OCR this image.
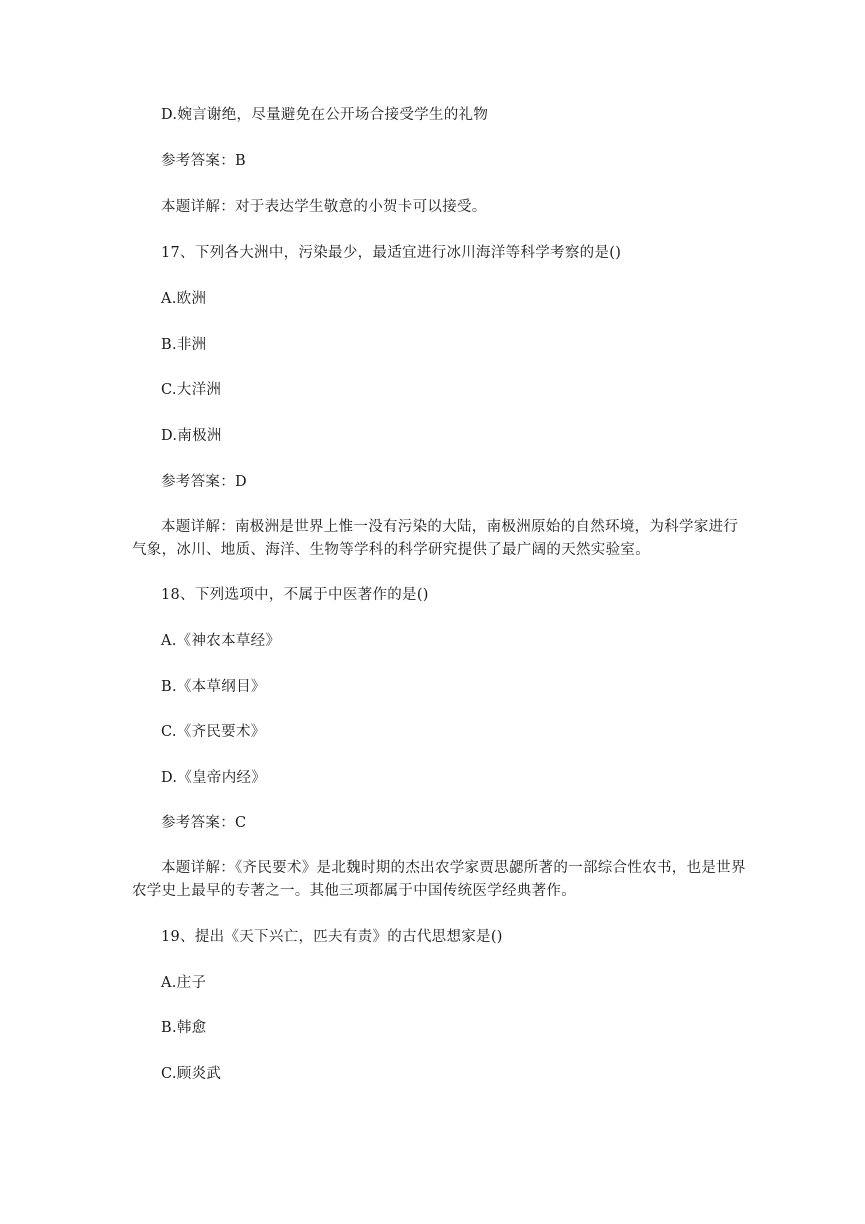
D.婉言谢绝，尽量避免在公开场合接受学生的礼物
参考答案：B
本题详解：对于表达学生敬意的小贺卡可以接受。
17、下列各大洲中，污染最少，最适宜进行冰川海洋等科学考察的是()
A.欧洲
B.非洲
C.大洋洲
D.南极洲
参考答案：D
本题详解：南极洲是世界上惟一没有污染的大陆，南极洲原始的自然环境，为科学家进行气象，冰川、地质、海洋、生物等学科的科学研究提供了最广阔的天然实验室。
18、下列选项中，不属于中医著作的是()
A.《神农本草经》
B.《本草纲目》
C.《齐民要术》
D.《皇帝内经》
参考答案：C
本题详解：《齐民要术》是北魏时期的杰出农学家贾思勰所著的一部综合性农书，也是世界农学史上最早的专著之一。其他三项都属于中国传统医学经典著作。
19、提出《天下兴亡，匹夫有责》的古代思想家是()
A.庄子
B.韩愈
C.顾炎武
